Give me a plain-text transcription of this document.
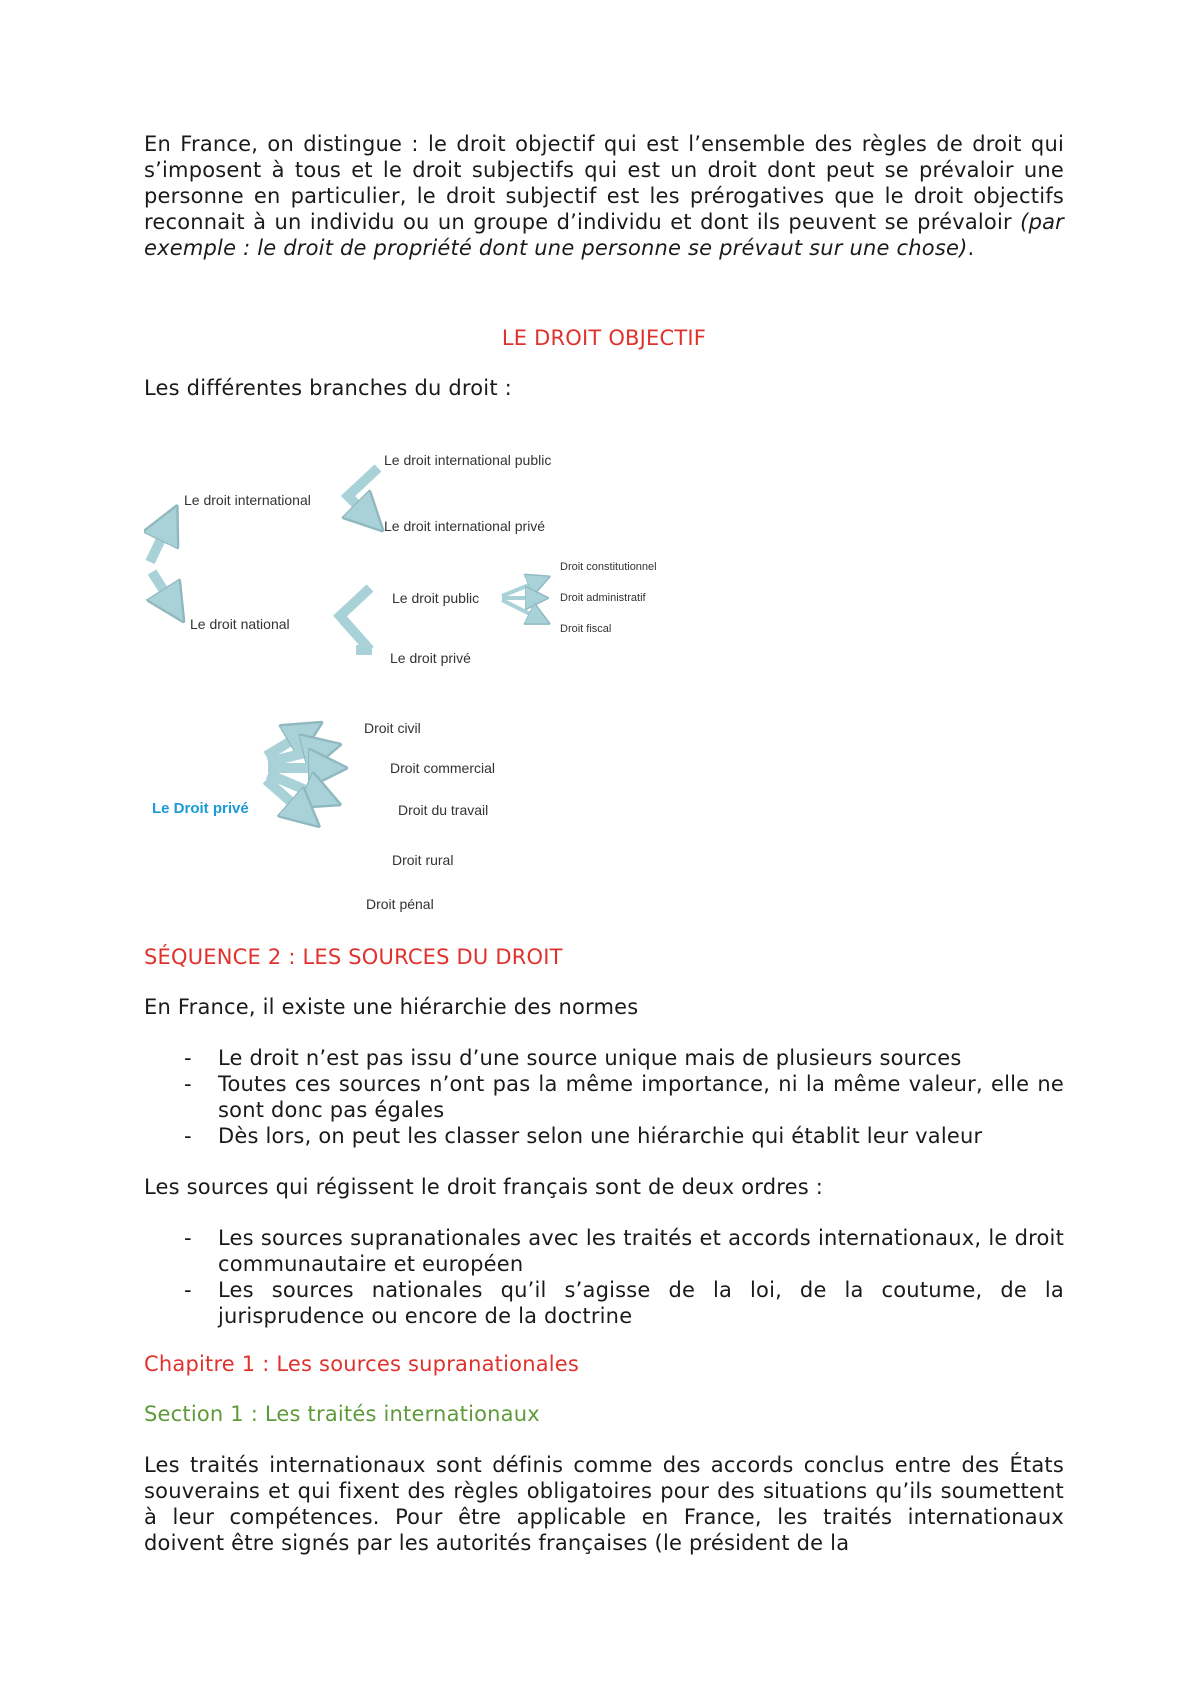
En France, on distingue : le droit objectif qui est l’ensemble des règles de droit qui s’imposent à tous et le droit subjectifs qui est un droit dont peut se prévaloir une personne en particulier, le droit subjectif est les prérogatives que le droit objectifs reconnait à un individu ou un groupe d’individu et dont ils peuvent se prévaloir (par exemple : le droit de propriété dont une personne se prévaut sur une chose).

LE DROIT OBJECTIF

Les différentes branches du droit :

Le droit international
Le droit international public
Le droit international privé
Le droit national
Le droit public
Le droit privé
Droit constitutionnel
Droit administratif
Droit fiscal
Le Droit privé
Droit civil
Droit commercial
Droit du travail
Droit rural
Droit pénal

SÉQUENCE 2 : LES SOURCES DU DROIT

En France, il existe une hiérarchie des normes

- Le droit n’est pas issu d’une source unique mais de plusieurs sources
- Toutes ces sources n’ont pas la même importance, ni la même valeur, elle ne sont donc pas égales
- Dès lors, on peut les classer selon une hiérarchie qui établit leur valeur

Les sources qui régissent le droit français sont de deux ordres :

- Les sources supranationales avec les traités et accords internationaux, le droit communautaire et européen
- Les sources nationales qu’il s’agisse de la loi, de la coutume, de la jurisprudence ou encore de la doctrine

Chapitre 1 : Les sources supranationales

Section 1 : Les traités internationaux

Les traités internationaux sont définis comme des accords conclus entre des États souverains et qui fixent des règles obligatoires pour des situations qu’ils soumettent à leur compétences. Pour être applicable en France, les traités internationaux doivent être signés par les autorités françaises (le président de la
